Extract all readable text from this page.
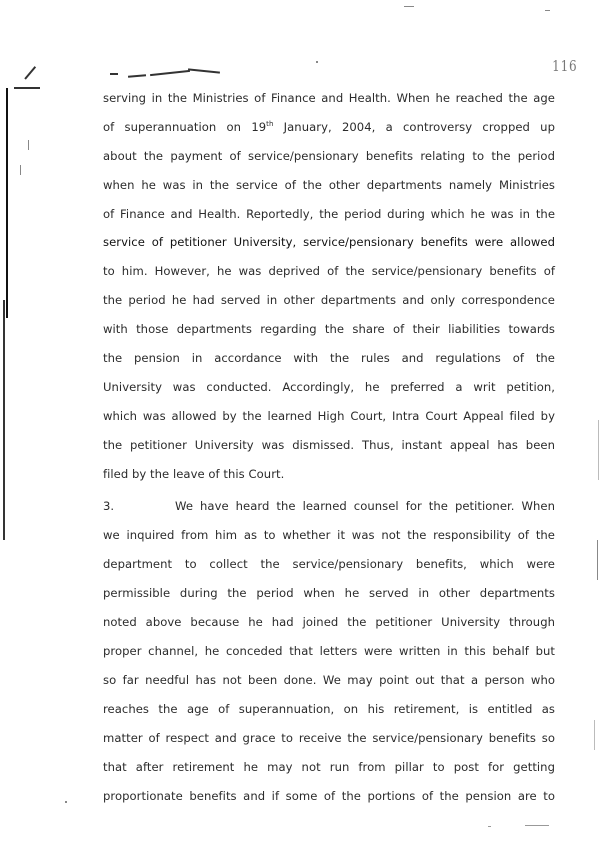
116
serving in the Ministries of Finance and Health. When he reached the age
of superannuation on 19th January, 2004, a controversy cropped up
about the payment of service/pensionary benefits relating to the period
when he was in the service of the other departments namely Ministries
of Finance and Health. Reportedly, the period during which he was in the
service of petitioner University, service/pensionary benefits were allowed
to him. However, he was deprived of the service/pensionary benefits of
the period he had served in other departments and only correspondence
with those departments regarding the share of their liabilities towards
the pension in accordance with the rules and regulations of the
University was conducted. Accordingly, he preferred a writ petition,
which was allowed by the learned High Court, Intra Court Appeal filed by
the petitioner University was dismissed. Thus, instant appeal has been
filed by the leave of this Court.
3.	We have heard the learned counsel for the petitioner. When
we inquired from him as to whether it was not the responsibility of the
department to collect the service/pensionary benefits, which were
permissible during the period when he served in other departments
noted above because he had joined the petitioner University through
proper channel, he conceded that letters were written in this behalf but
so far needful has not been done. We may point out that a person who
reaches the age of superannuation, on his retirement, is entitled as
matter of respect and grace to receive the service/pensionary benefits so
that after retirement he may not run from pillar to post for getting
proportionate benefits and if some of the portions of the pension are to
